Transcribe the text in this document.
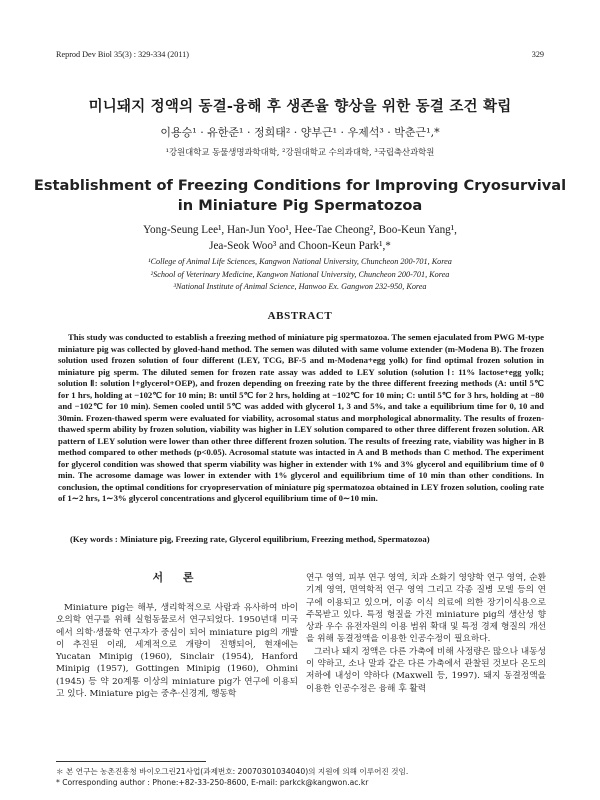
Reprod Dev Biol 35(3) : 329-334 (2011)	329
미니돼지 정액의 동결-융해 후 생존율 향상을 위한 동결 조건 확립
이용승¹ · 유한준¹ · 정희태² · 양부근¹ · 우제석³ · 박춘근¹,*
¹강원대학교 동물생명과학대학, ²강원대학교 수의과대학, ³국립축산과학원
Establishment of Freezing Conditions for Improving Cryosurvival
in Miniature Pig Spermatozoa
Yong-Seung Lee¹, Han-Jun Yoo¹, Hee-Tae Cheong², Boo-Keun Yang¹,
Jea-Seok Woo³ and Choon-Keun Park¹,*
¹College of Animal Life Sciences, Kangwon National University, Chuncheon 200-701, Korea
²School of Veterinary Medicine, Kangwon National University, Chuncheon 200-701, Korea
³National Institute of Animal Science, Hanwoo Ex. Gangwon 232-950, Korea
ABSTRACT

This study was conducted to establish a freezing method of miniature pig spermatozoa. The semen ejaculated from PWG M-type miniature pig was collected by gloved-hand method. The semen was diluted with same volume extender (m-Modena B). The frozen solution used frozen solution of four different (LEY, TCG, BF-5 and m-Modena+egg yolk) for find optimal frozen solution in miniature pig sperm. The diluted semen for frozen rate assay was added to LEY solution (solution Ⅰ: 11% lactose+egg yolk; solution Ⅱ: solution Ⅰ+glycerol+OEP), and frozen depending on freezing rate by the three different freezing methods (A: until 5℃ for 1 hrs, holding at −102℃ for 10 min; B: until 5℃ for 2 hrs, holding at −102℃ for 10 min; C: until 5℃ for 3 hrs, holding at −80 and −102℃ for 10 min). Semen cooled until 5℃ was added with glycerol 1, 3 and 5%, and take a equilibrium time for 0, 10 and 30min. Frozen-thawed sperm were evaluated for viability, acrosomal status and morphological abnormality. The results of frozen-thawed sperm ability by frozen solution, viability was higher in LEY solution compared to other three different frozen solution. AR pattern of LEY solution were lower than other three different frozen solution. The results of freezing rate, viability was higher in B method compared to other methods (p<0.05). Acrosomal statute was intacted in A and B methods than C method. The experiment for glycerol condition was showed that sperm viability was higher in extender with 1% and 3% glycerol and equilibrium time of 0 min. The acrosome damage was lower in extender with 1% glycerol and equilibrium time of 10 min than other conditions. In conclusion, the optimal conditions for cryopreservation of miniature pig spermatozoa obtained in LEY frozen solution, cooling rate of 1∼2 hrs, 1∼3% glycerol concentrations and glycerol equilibrium time of 0∼10 min.

(Key words : Miniature pig, Freezing rate, Glycerol equilibrium, Freezing method, Spermatozoa)

서 론

Miniature pig는 해부, 생리학적으로 사람과 유사하여 바이오의학 연구를 위해 실험동물로서 연구되었다. 1950년대 미국에서 의학·생물학 연구자가 중심이 되어 miniature pig의 개발이 추진된 이래, 세계적으로 개량이 진행되어, 현재에는 Yucatan Minipig (1960), Sinclair (1954), Hanford Minipig (1957), Gottingen Minipig (1960), Ohmini (1945) 등 약 20계통 이상의 miniature pig가 연구에 이용되고 있다. Miniature pig는 중추·신경계, 행동학

연구 영역, 피부 연구 영역, 치과 소화기 영양학 연구 영역, 순환기계 영역, 면역학적 연구 영역 그리고 각종 질병 모델 등의 연구에 이용되고 있으며, 이종 이식 의료에 의한 장기이식용으로 주목받고 있다. 특정 형질을 가진 miniature pig의 생산성 향상과 우수 유전자원의 이용 범위 확대 및 특정 경제 형질의 개선을 위해 동결정액을 이용한 인공수정이 필요하다.

그러나 돼지 정액은 다른 가축에 비해 사정량은 많으나 내동성이 약하고, 소나 말과 같은 다른 가축에서 관찰된 것보다 온도의 저하에 내성이 약하다 (Maxwell 등, 1997). 돼지 동결정액을 이용한 인공수정은 융해 후 활력

＊ 본 연구는 농촌진흥청 바이오그린21사업(과제번호: 20070301034040)의 지원에 의해 이루어진 것임.
* Corresponding author : Phone:+82-33-250-8600, E-mail: parkck@kangwon.ac.kr
